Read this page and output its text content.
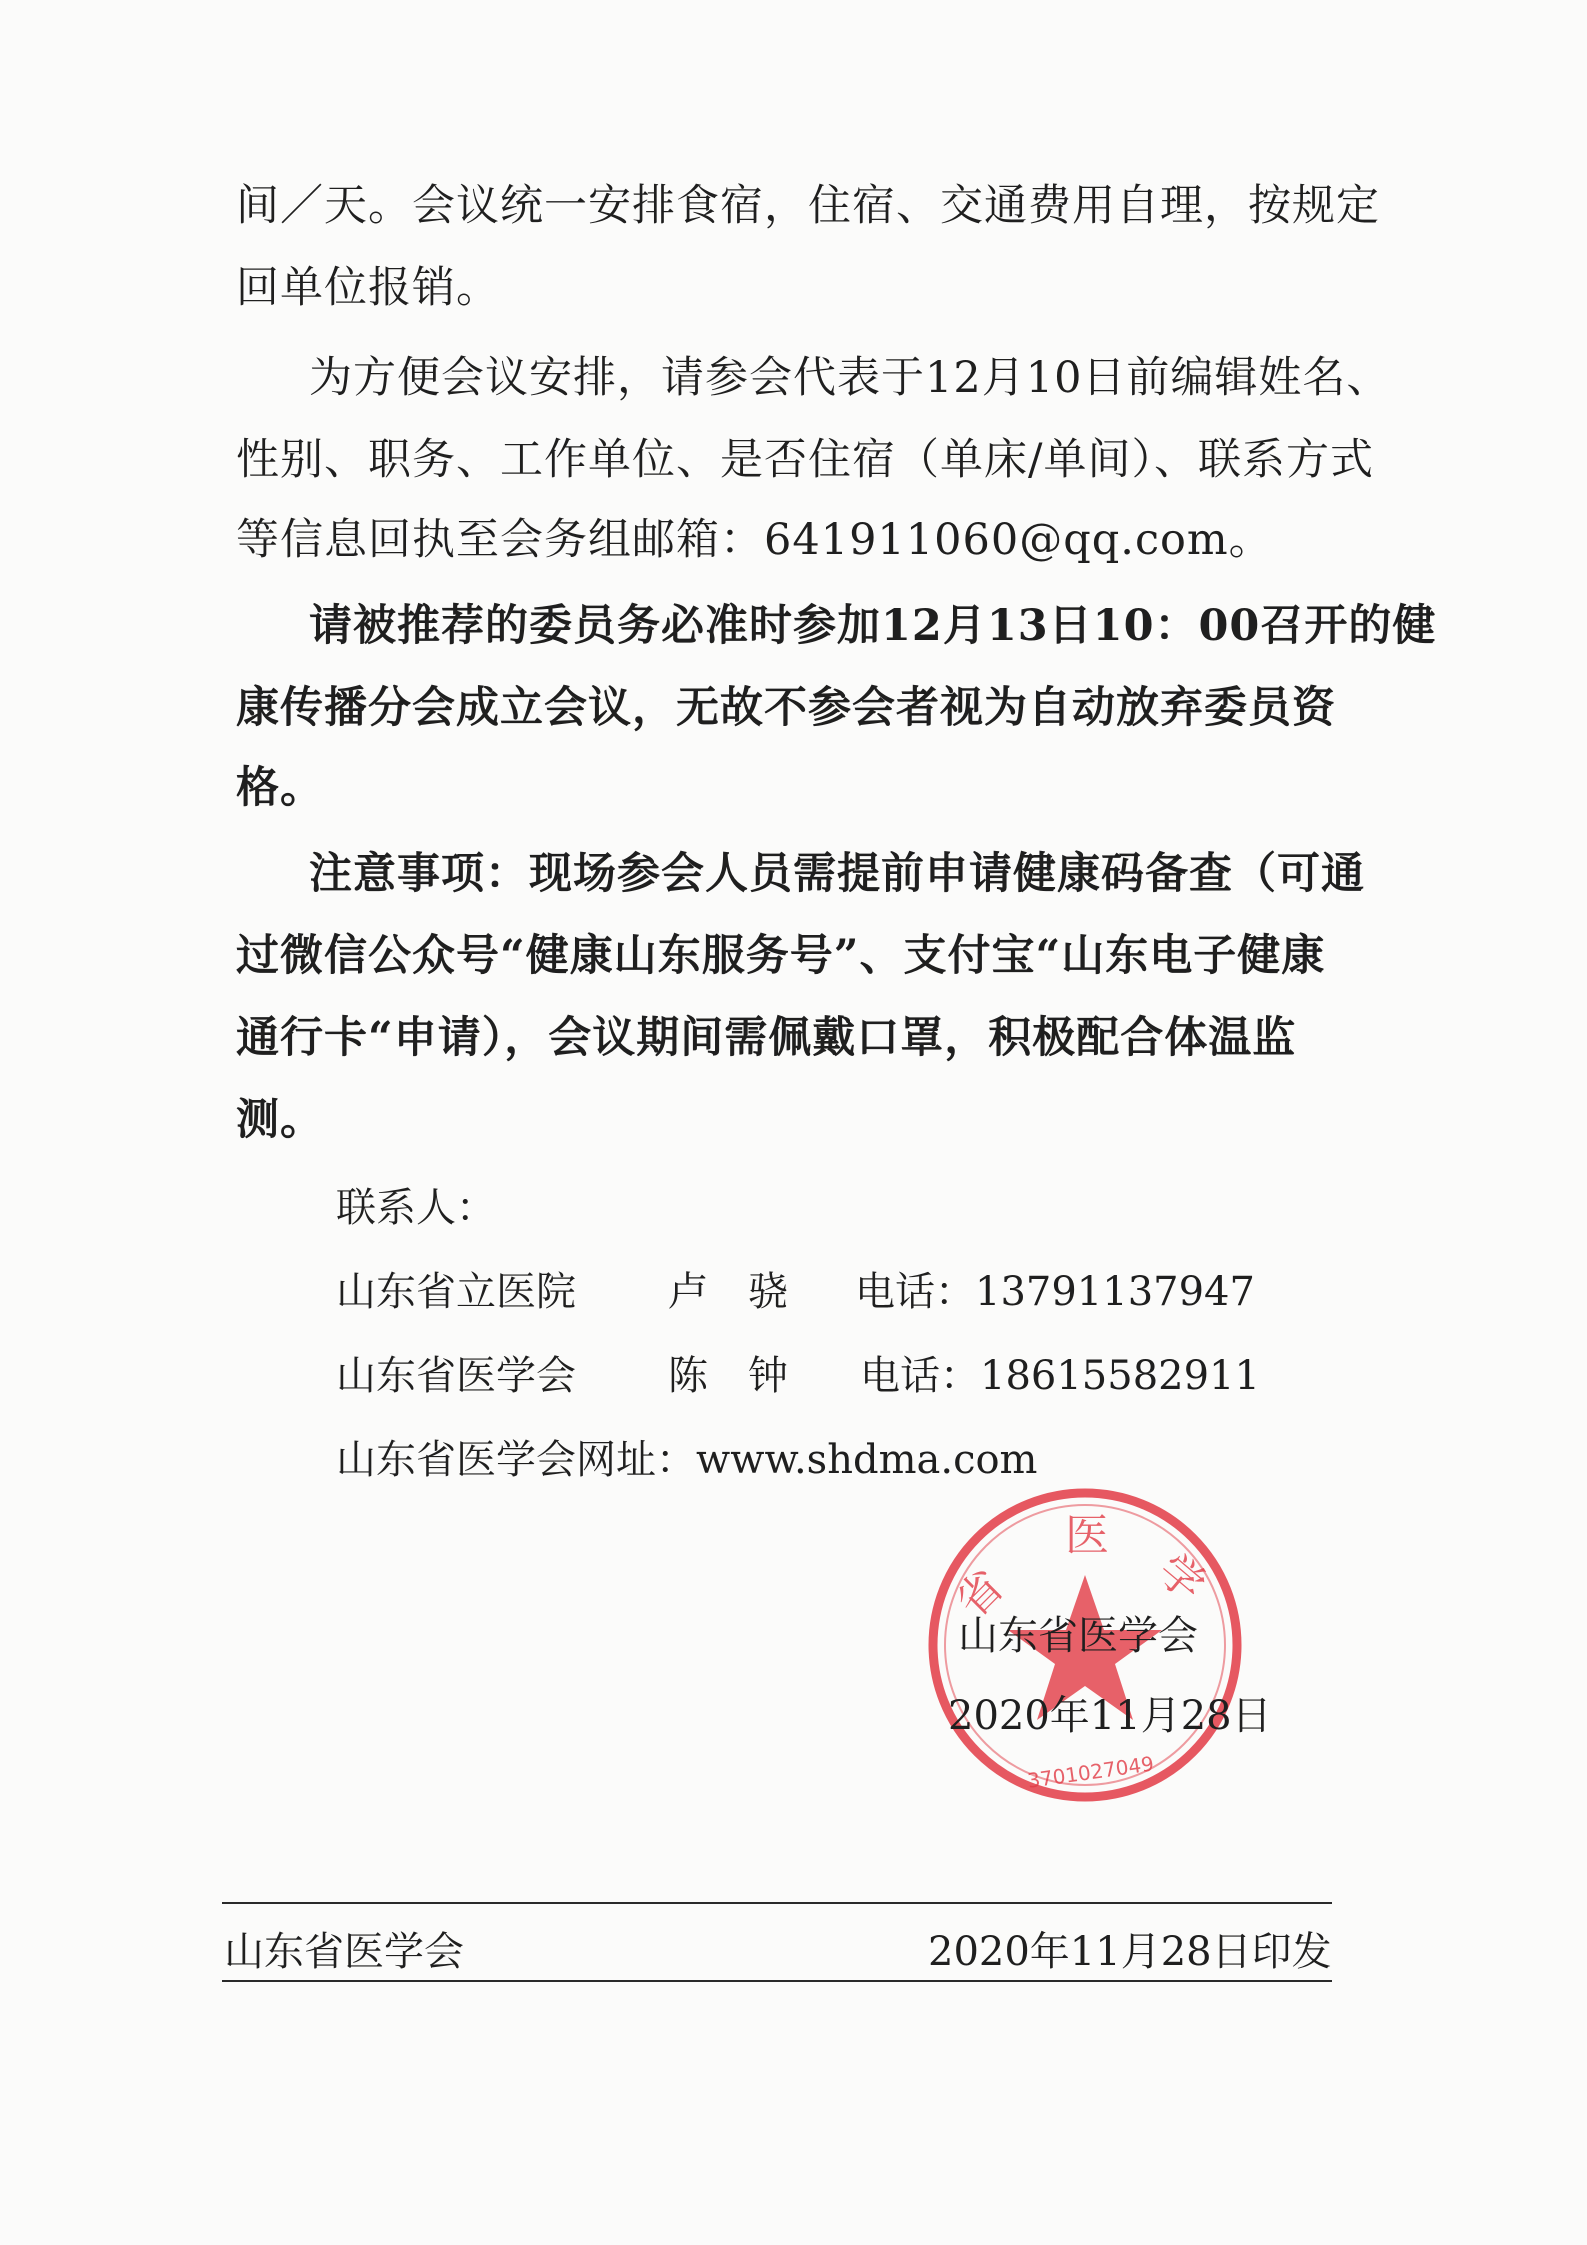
间／天。会议统一安排食宿，住宿、交通费用自理，按规定
回单位报销。
为方便会议安排，请参会代表于12月10日前编辑姓名、
性别、职务、工作单位、是否住宿（单床/单间）、联系方式
等信息回执至会务组邮箱：641911060@qq.com。
请被推荐的委员务必准时参加12月13日10：00召开的健
康传播分会成立会议，无故不参会者视为自动放弃委员资
格。
注意事项：现场参会人员需提前申请健康码备查（可通
过微信公众号“健康山东服务号”、支付宝“山东电子健康
通行卡“申请），会议期间需佩戴口罩，积极配合体温监
测。
联系人：
山东省立医院 卢　骁 电话：13791137947
山东省医学会 陈　钟 电话：18615582911
山东省医学会网址：www.shdma.com
省
医
学
3701027049
山东省医学会
2020年11月28日
山东省医学会	2020年11月28日印发
